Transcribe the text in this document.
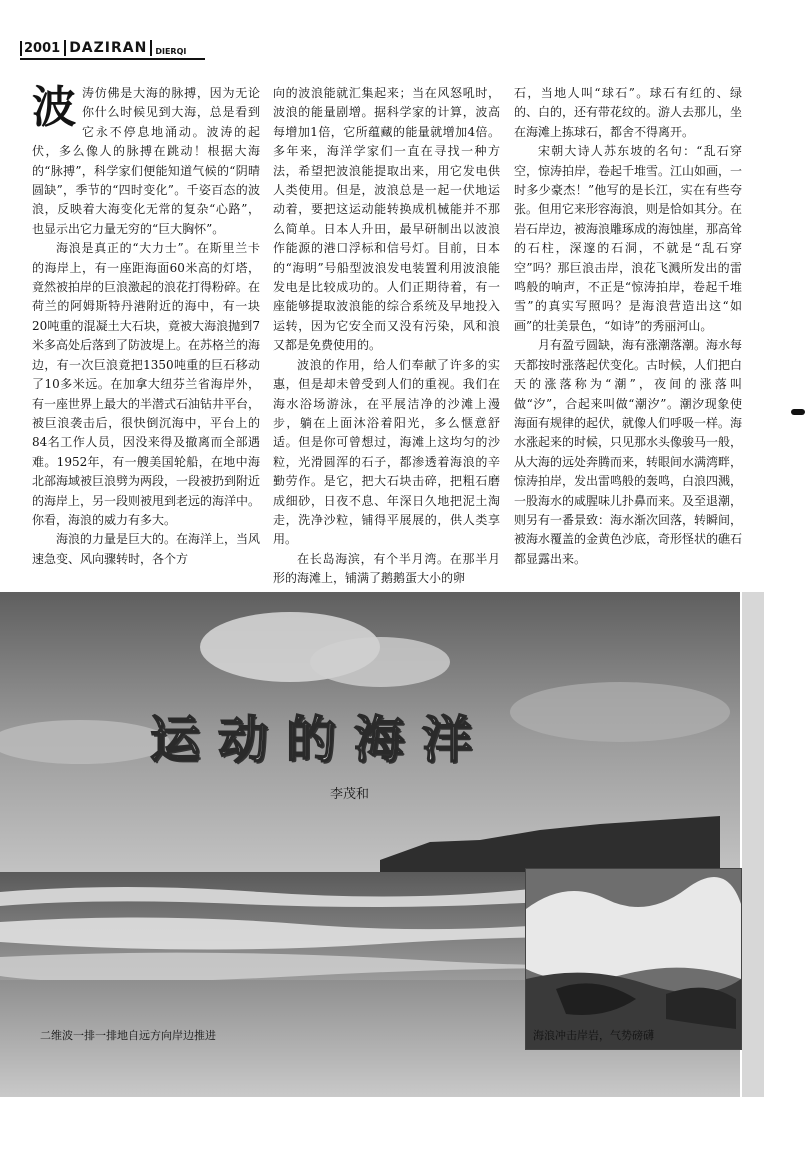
2001 DAZIRAN	DIERQI

波涛仿佛是大海的脉搏，因为无论你什么时候见到大海，总是看到它永不停息地涌动。波涛的起伏，多么像人的脉搏在跳动！根据大海的“脉搏”，科学家们便能知道气候的“阴晴圆缺”，季节的“四时变化”。千姿百态的波浪，反映着大海变化无常的复杂“心路”，也显示出它力量无穷的“巨大胸怀”。

海浪是真正的“大力士”。在斯里兰卡的海岸上，有一座距海面60米高的灯塔，竟然被拍岸的巨浪激起的浪花打得粉碎。在荷兰的阿姆斯特丹港附近的海中，有一块20吨重的混凝土大石块，竟被大海浪抛到7米多高处后落到了防波堤上。在苏格兰的海边，有一次巨浪竟把1350吨重的巨石移动了10多米远。在加拿大纽芬兰省海岸外，有一座世界上最大的半潜式石油钻井平台，被巨浪袭击后，很快倒沉海中，平台上的84名工作人员，因没来得及撤离而全部遇难。1952年，有一艘美国轮船，在地中海北部海域被巨浪劈为两段，一段被扔到附近的海岸上，另一段则被甩到老远的海洋中。你看，海浪的威力有多大。

海浪的力量是巨大的。在海洋上，当风速急变、风向骤转时，各个方

向的波浪能就汇集起来；当在风怒吼时，波浪的能量剧增。据科学家的计算，波高每增加1倍，它所蕴藏的能量就增加4倍。多年来，海洋学家们一直在寻找一种方法，希望把波浪能提取出来，用它发电供人类使用。但是，波浪总是一起一伏地运动着，要把这运动能转换成机械能并不那么简单。日本人升田，最早研制出以波浪作能源的港口浮标和信号灯。目前，日本的“海明”号船型波浪发电装置利用波浪能发电是比较成功的。人们正期待着，有一座能够提取波浪能的综合系统及早地投入运转，因为它安全而又没有污染，风和浪又都是免费使用的。

波浪的作用，给人们奉献了许多的实惠，但是却未曾受到人们的重视。我们在海水浴场游泳，在平展洁净的沙滩上漫步，躺在上面沐浴着阳光，多么惬意舒适。但是你可曾想过，海滩上这均匀的沙粒，光滑圆浑的石子，都渗透着海浪的辛勤劳作。是它，把大石块击碎，把粗石磨成细砂，日夜不息、年深日久地把泥土淘走，洗净沙粒，铺得平展展的，供人类享用。

在长岛海滨，有个半月湾。在那半月形的海滩上，铺满了鹅鹅蛋大小的卵

石，当地人叫“球石”。球石有红的、绿的、白的，还有带花纹的。游人去那儿，坐在海滩上拣球石，都舍不得离开。

宋朝大诗人苏东坡的名句：“乱石穿空，惊涛拍岸，卷起千堆雪。江山如画，一时多少豪杰！”他写的是长江，实在有些夸张。但用它来形容海浪，则是恰如其分。在岩石岸边，被海浪雕琢成的海蚀崖，那高耸的石柱，深邃的石洞，不就是“乱石穿空”吗？那巨浪击岸，浪花飞溅所发出的雷鸣般的响声，不正是“惊涛拍岸，卷起千堆雪”的真实写照吗？是海浪营造出这“如画”的壮美景色，“如诗”的秀丽河山。

月有盈亏圆缺，海有涨潮落潮。海水每天都按时涨落起伏变化。古时候，人们把白天的涨落称为“潮”，夜间的涨落叫做“汐”，合起来叫做“潮汐”。潮汐现象使海面有规律的起伏，就像人们呼吸一样。海水涨起来的时候，只见那水头像骏马一般，从大海的远处奔腾而来，转眼间水满湾畔，惊涛拍岸，发出雷鸣般的轰鸣，白浪四溅，一股海水的咸腥味儿扑鼻而来。及至退潮，则另有一番景致：海水渐次回落，转瞬间，被海水覆盖的金黄色沙底，奇形怪状的礁石都显露出来。

运动的海洋
李茂和
二维波一排一排地自远方向岸边推进	海浪冲击岸岩，气势磅礴
